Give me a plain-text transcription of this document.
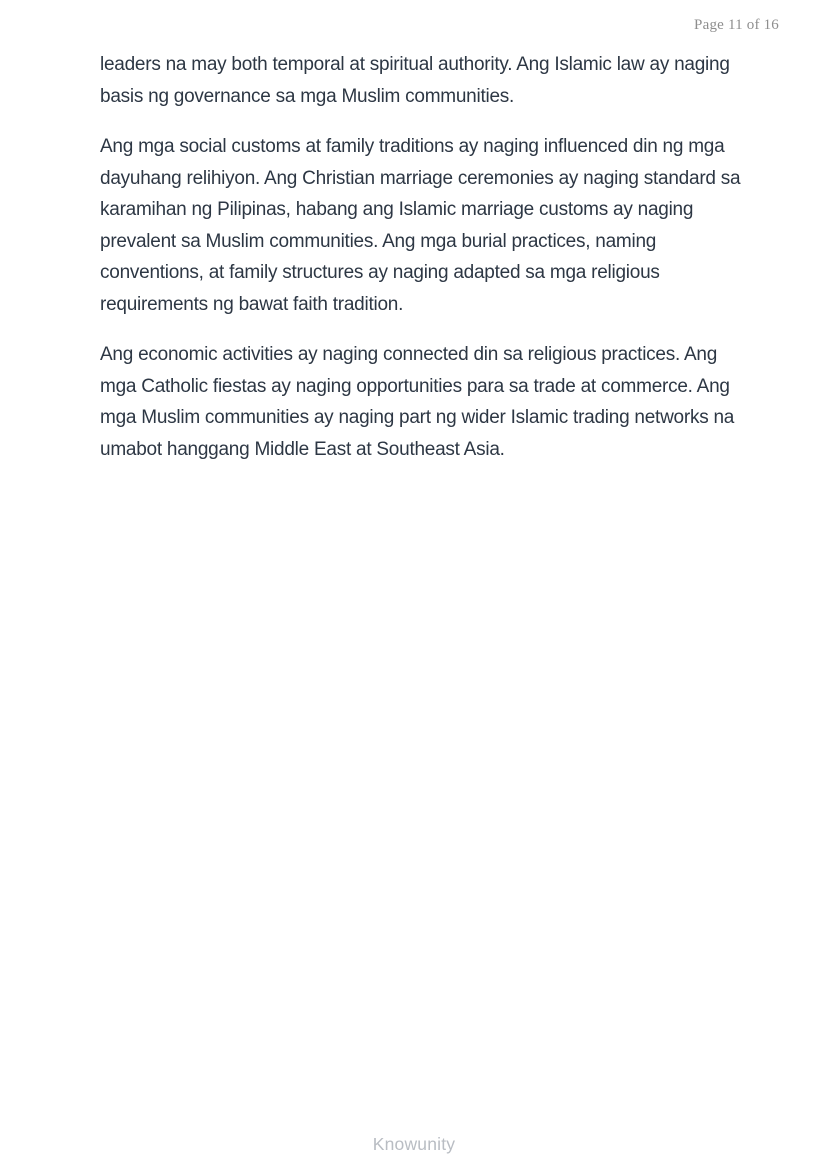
Page 11 of 16

leaders na may both temporal at spiritual authority. Ang Islamic law ay naging basis ng governance sa mga Muslim communities.

Ang mga social customs at family traditions ay naging influenced din ng mga dayuhang relihiyon. Ang Christian marriage ceremonies ay naging standard sa karamihan ng Pilipinas, habang ang Islamic marriage customs ay naging prevalent sa Muslim communities. Ang mga burial practices, naming conventions, at family structures ay naging adapted sa mga religious requirements ng bawat faith tradition.

Ang economic activities ay naging connected din sa religious practices. Ang mga Catholic fiestas ay naging opportunities para sa trade at commerce. Ang mga Muslim communities ay naging part ng wider Islamic trading networks na umabot hanggang Middle East at Southeast Asia.

Knowunity
